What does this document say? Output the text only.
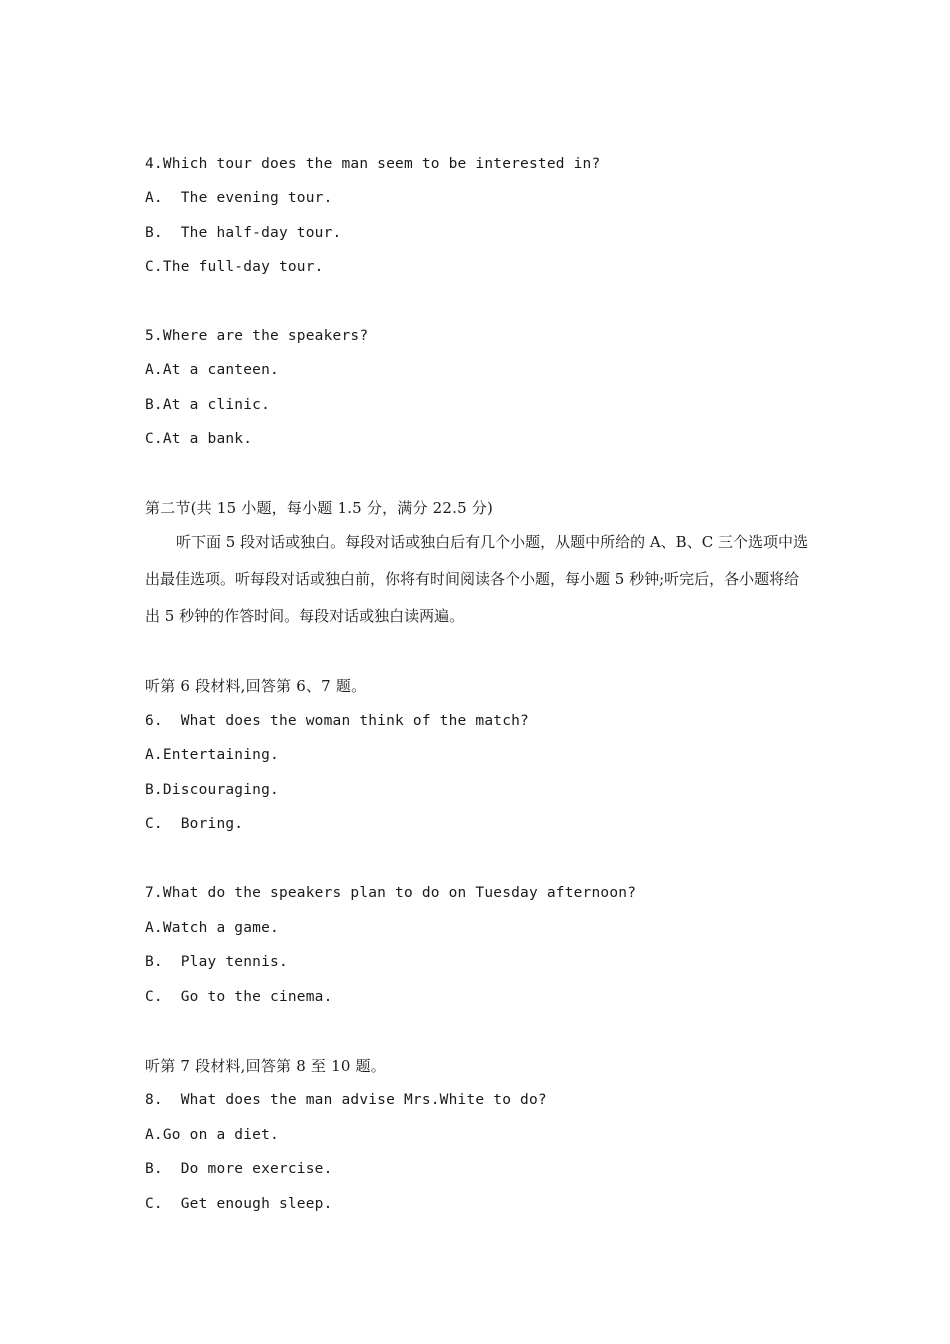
4.Which tour does the man seem to be interested in?
A.  The evening tour.
B.  The half-day tour.
C.The full-day tour.
5.Where are the speakers?
A.At a canteen.
B.At a clinic.
C.At a bank.
第二节(共 15 小题，每小题 1.5 分，满分 22.5 分)
听下面 5 段对话或独白。每段对话或独白后有几个小题，从题中所给的 A、B、C 三个选项中选出最佳选项。听每段对话或独白前，你将有时间阅读各个小题，每小题 5 秒钟;听完后，各小题将给出 5 秒钟的作答时间。每段对话或独白读两遍。
听第 6 段材料,回答第 6、7 题。
6.  What does the woman think of the match?
A.Entertaining.
B.Discouraging.
C.  Boring.
7.What do the speakers plan to do on Tuesday afternoon?
A.Watch a game.
B.  Play tennis.
C.  Go to the cinema.
听第 7 段材料,回答第 8 至 10 题。
8.  What does the man advise Mrs.White to do?
A.Go on a diet.
B.  Do more exercise.
C.  Get enough sleep.
